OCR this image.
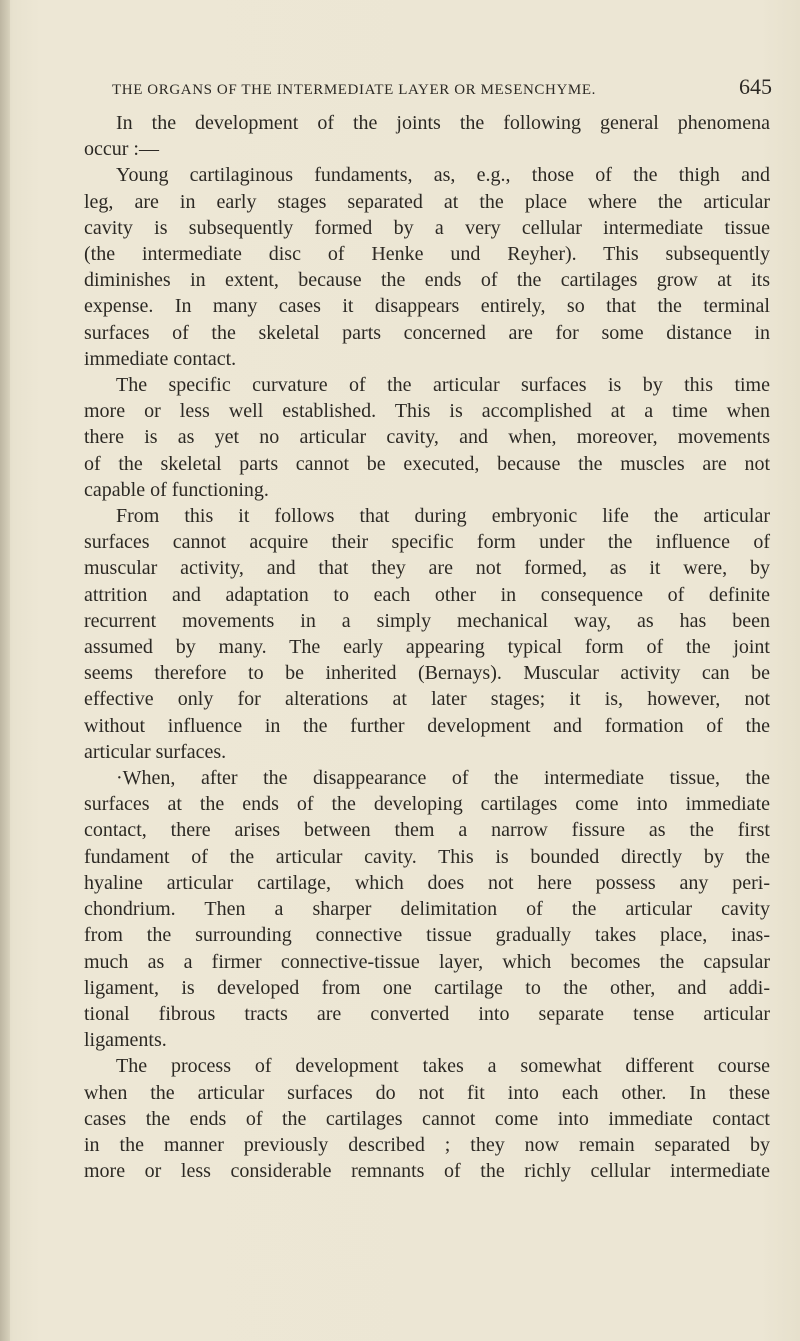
THE ORGANS OF THE INTERMEDIATE LAYER OR MESENCHYME.	645

In the development of the joints the following general phenomena
occur :—

Young cartilaginous fundaments, as, e.g., those of the thigh and
leg, are in early stages separated at the place where the articular
cavity is subsequently formed by a very cellular intermediate tissue
(the intermediate disc of Henke und Reyher). This subsequently
diminishes in extent, because the ends of the cartilages grow at its
expense. In many cases it disappears entirely, so that the terminal
surfaces of the skeletal parts concerned are for some distance in
immediate contact.

The specific curvature of the articular surfaces is by this time
more or less well established. This is accomplished at a time when
there is as yet no articular cavity, and when, moreover, movements
of the skeletal parts cannot be executed, because the muscles are not
capable of functioning.

From this it follows that during embryonic life the articular
surfaces cannot acquire their specific form under the influence of
muscular activity, and that they are not formed, as it were, by
attrition and adaptation to each other in consequence of definite
recurrent movements in a simply mechanical way, as has been
assumed by many. The early appearing typical form of the joint
seems therefore to be inherited (Bernays). Muscular activity can be
effective only for alterations at later stages; it is, however, not
without influence in the further development and formation of the
articular surfaces.

·When, after the disappearance of the intermediate tissue, the
surfaces at the ends of the developing cartilages come into immediate
contact, there arises between them a narrow fissure as the first
fundament of the articular cavity. This is bounded directly by the
hyaline articular cartilage, which does not here possess any peri-
chondrium. Then a sharper delimitation of the articular cavity
from the surrounding connective tissue gradually takes place, inas-
much as a firmer connective-tissue layer, which becomes the capsular
ligament, is developed from one cartilage to the other, and addi-
tional fibrous tracts are converted into separate tense articular
ligaments.

The process of development takes a somewhat different course
when the articular surfaces do not fit into each other. In these
cases the ends of the cartilages cannot come into immediate contact
in the manner previously described ; they now remain separated by
more or less considerable remnants of the richly cellular intermediate
